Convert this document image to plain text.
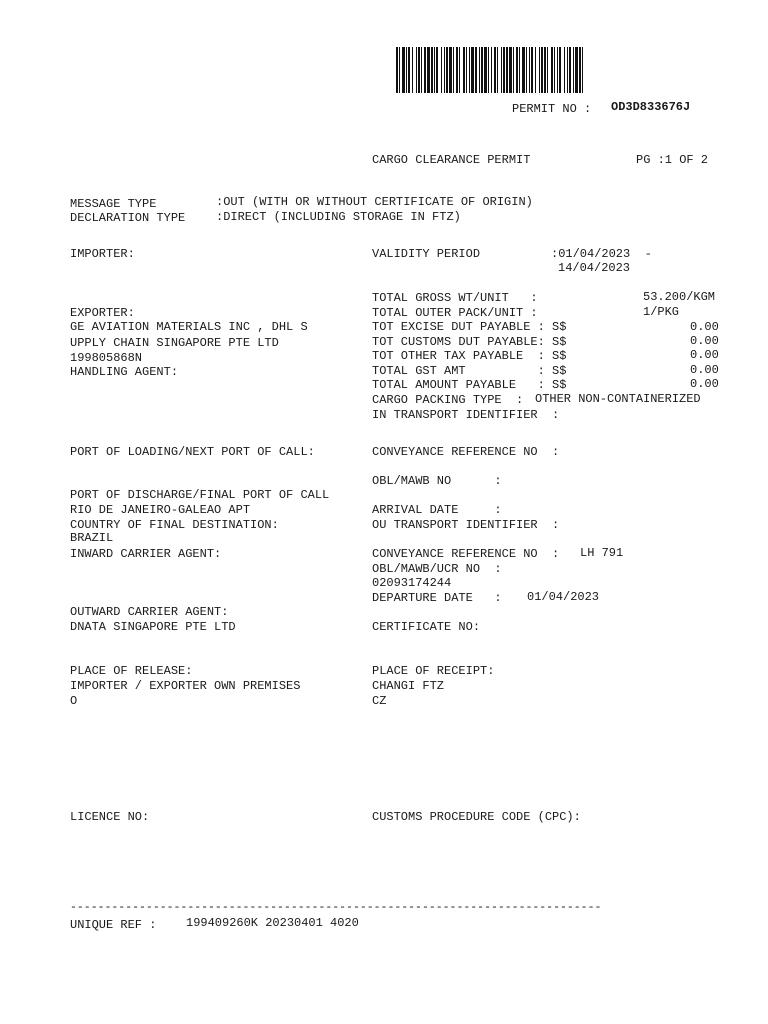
PERMIT NO : OD3D833676J
CARGO CLEARANCE PERMIT	PG :1 OF 2
MESSAGE TYPE	:OUT (WITH OR WITHOUT CERTIFICATE OF ORIGIN)
DECLARATION TYPE	:DIRECT (INCLUDING STORAGE IN FTZ)
IMPORTER:	VALIDITY PERIOD	:01/04/2023  -
14/04/2023
TOTAL GROSS WT/UNIT   :	53.200/KGM
TOTAL OUTER PACK/UNIT :	1/PKG
TOT EXCISE DUT PAYABLE : S$	0.00
TOT CUSTOMS DUT PAYABLE: S$	0.00
TOT OTHER TAX PAYABLE  : S$	0.00
TOTAL GST AMT          : S$	0.00
TOTAL AMOUNT PAYABLE   : S$	0.00
EXPORTER:
GE AVIATION MATERIALS INC , DHL S
UPPLY CHAIN SINGAPORE PTE LTD
199805868N
HANDLING AGENT:
CARGO PACKING TYPE  : OTHER NON-CONTAINERIZED
IN TRANSPORT IDENTIFIER  :
PORT OF LOADING/NEXT PORT OF CALL:	CONVEYANCE REFERENCE NO  :
OBL/MAWB NO      :
PORT OF DISCHARGE/FINAL PORT OF CALL
RIO DE JANEIRO-GALEAO APT	ARRIVAL DATE     :
COUNTRY OF FINAL DESTINATION:
BRAZIL
OU TRANSPORT IDENTIFIER  :
INWARD CARRIER AGENT:	CONVEYANCE REFERENCE NO  : LH 791
OBL/MAWB/UCR NO  :
02093174244
DEPARTURE DATE   : 01/04/2023
OUTWARD CARRIER AGENT:
DNATA SINGAPORE PTE LTD	CERTIFICATE NO:
PLACE OF RELEASE:
IMPORTER / EXPORTER OWN PREMISES
O
PLACE OF RECEIPT:
CHANGI FTZ
CZ
LICENCE NO:	CUSTOMS PROCEDURE CODE (CPC):
-----------------------------------------------------------------------------
UNIQUE REF : 199409260K 20230401 4020
